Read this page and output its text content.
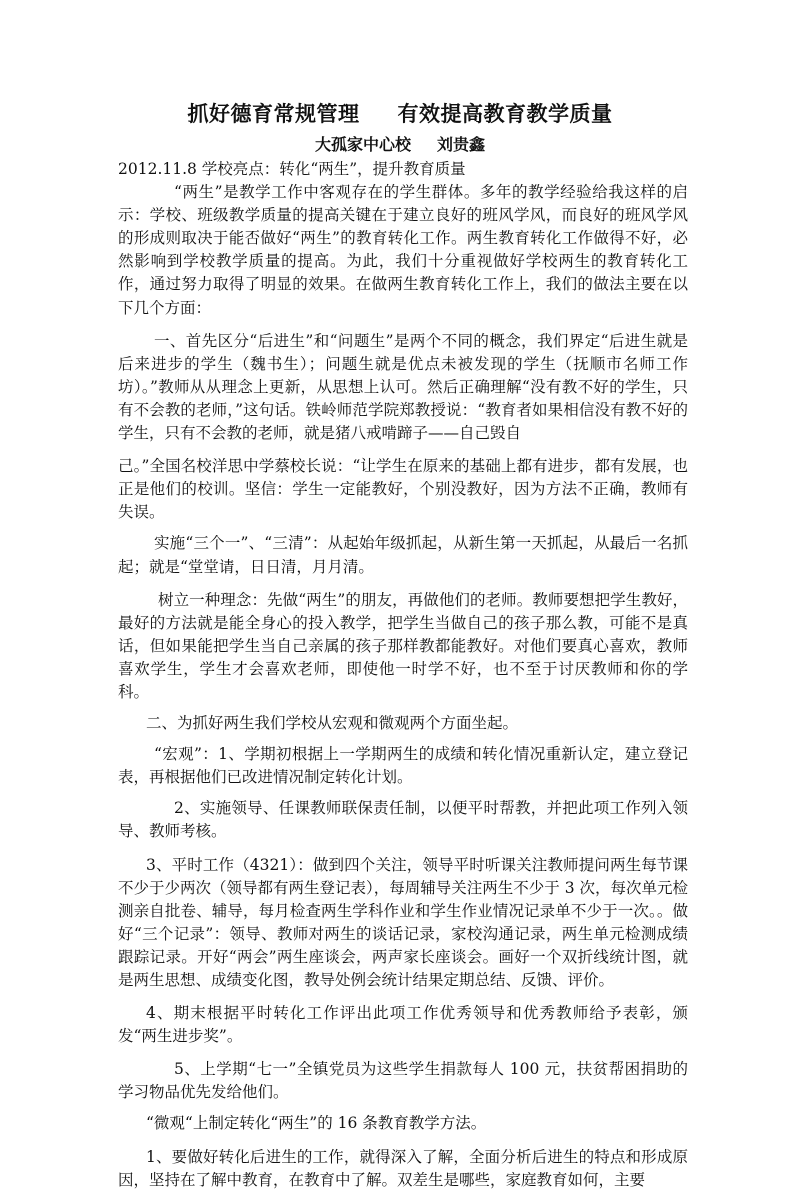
抓好德育常规管理 有效提高教育教学质量
大孤家中心校 刘贵鑫

2012.11.8 学校亮点：转化“两生”，提升教育质量

“两生”是教学工作中客观存在的学生群体。多年的教学经验给我这样的启示：学校、班级教学质量的提高关键在于建立良好的班风学风，而良好的班风学风的形成则取决于能否做好“两生”的教育转化工作。两生教育转化工作做得不好，必然影响到学校教学质量的提高。为此，我们十分重视做好学校两生的教育转化工作，通过努力取得了明显的效果。在做两生教育转化工作上，我们的做法主要在以下几个方面：

一、首先区分“后进生”和“问题生”是两个不同的概念，我们界定“后进生就是后来进步的学生（魏书生）；问题生就是优点未被发现的学生（抚顺市名师工作坊）。”教师从从理念上更新，从思想上认可。然后正确理解“没有教不好的学生，只有不会教的老师，”这句话。铁岭师范学院郑教授说：“教育者如果相信没有教不好的学生，只有不会教的老师，就是猪八戒啃蹄子——自己毁自

己。”全国名校洋思中学蔡校长说：“让学生在原来的基础上都有进步，都有发展，也正是他们的校训。坚信：学生一定能教好，个别没教好，因为方法不正确，教师有失误。

实施“三个一”、“三清”：从起始年级抓起，从新生第一天抓起，从最后一名抓起；就是“堂堂请，日日清，月月清。

树立一种理念：先做“两生”的朋友，再做他们的老师。教师要想把学生教好，最好的方法就是能全身心的投入教学，把学生当做自己的孩子那么教，可能不是真话，但如果能把学生当自己亲属的孩子那样教都能教好。对他们要真心喜欢，教师喜欢学生，学生才会喜欢老师，即使他一时学不好，也不至于讨厌教师和你的学科。

二、为抓好两生我们学校从宏观和微观两个方面坐起。

“宏观”：1、学期初根据上一学期两生的成绩和转化情况重新认定，建立登记表，再根据他们已改进情况制定转化计划。

2、实施领导、任课教师联保责任制，以便平时帮教，并把此项工作列入领导、教师考核。

3、平时工作（4321）：做到四个关注，领导平时听课关注教师提问两生每节课不少于少两次（领导都有两生登记表），每周辅导关注两生不少于 3 次，每次单元检测亲自批卷、辅导，每月检查两生学科作业和学生作业情况记录单不少于一次。。做好“三个记录”：领导、教师对两生的谈话记录，家校沟通记录，两生单元检测成绩跟踪记录。开好“两会”两生座谈会，两声家长座谈会。画好一个双折线统计图，就是两生思想、成绩变化图，教导处例会统计结果定期总结、反馈、评价。

4、期末根据平时转化工作评出此项工作优秀领导和优秀教师给予表彰，颁发“两生进步奖”。

5、上学期“七一”全镇党员为这些学生捐款每人 100 元，扶贫帮困捐助的学习物品优先发给他们。

“微观“上制定转化“两生”的 16 条教育教学方法。

1、要做好转化后进生的工作，就得深入了解，全面分析后进生的特点和形成原因，坚持在了解中教育，在教育中了解。双差生是哪些，家庭教育如何，主要
